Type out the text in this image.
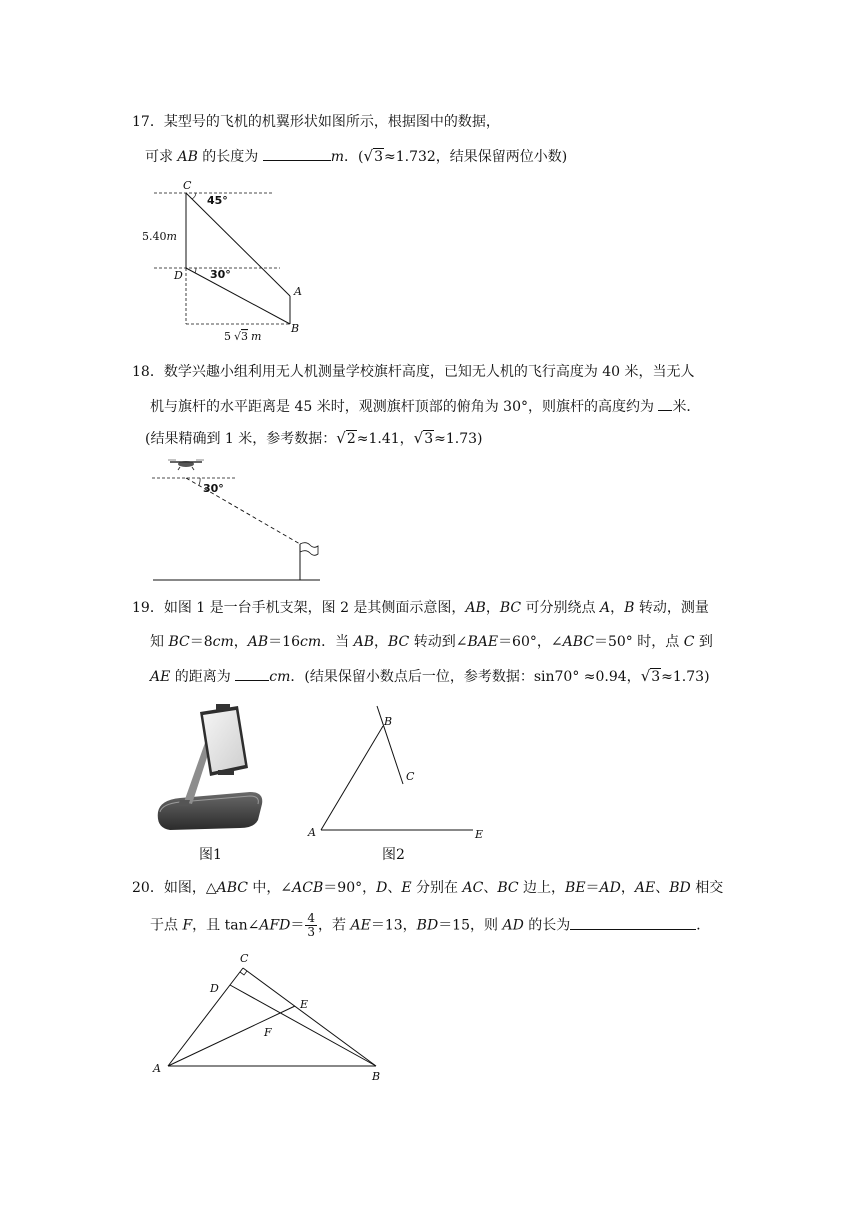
17．某型号的飞机的机翼形状如图所示，根据图中的数据，
可求 AB 的长度为	m．(√3≈1.732，结果保留两位小数)
C
D
A
B
45°
30°
5.40m
5 √3 m
18．数学兴趣小组利用无人机测量学校旗杆高度，已知无人机的飞行高度为 40 米，当无人
机与旗杆的水平距离是 45 米时，观测旗杆顶部的俯角为 30°，则旗杆的高度约为 米．
(结果精确到 1 米，参考数据：√2≈1.41，√3≈1.73)
30°
19．如图 1 是一台手机支架，图 2 是其侧面示意图，AB，BC 可分别绕点 A，B 转动，测量
知 BC＝8cm，AB＝16cm．当 AB，BC 转动到∠BAE＝60°，∠ABC＝50° 时，点 C 到
AE 的距离为 cm．(结果保留小数点后一位，参考数据：sin70° ≈0.94，√3≈1.73)
图1
A
B
C
E
图2
20．如图，△ABC 中，∠ACB＝90°，D、E 分别在 AC、BC 边上，BE＝AD，AE、BD 相交
于点 F，且 tan∠AFD＝ $\frac{4}{3}$ ，若 AE＝13，BD＝15，则 AD 的长为	．
C
D
E
F
A
B
